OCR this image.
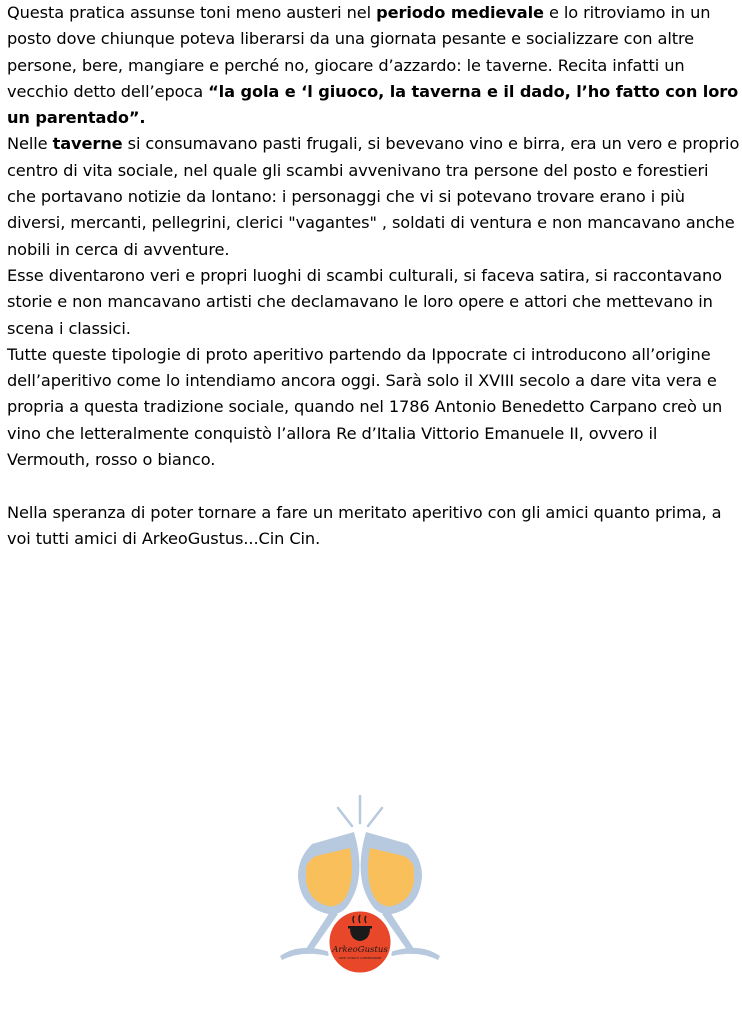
Questa pratica assunse toni meno austeri nel periodo medievale e lo ritroviamo in un posto dove chiunque poteva liberarsi da una giornata pesante e socializzare con altre persone, bere, mangiare e perché no, giocare d’azzardo: le taverne. Recita infatti un vecchio detto dell’epoca “la gola e ‘l giuoco, la taverna e il dado, l’ho fatto con loro un parentado”.

Nelle taverne si consumavano pasti frugali, si bevevano vino e birra, era un vero e proprio centro di vita sociale, nel quale gli scambi avvenivano tra persone del posto e forestieri che portavano notizie da lontano: i personaggi che vi si potevano trovare erano i più diversi, mercanti, pellegrini, clerici "vagantes" , soldati di ventura e non mancavano anche nobili in cerca di avventure.

Esse diventarono veri e propri luoghi di scambi culturali, si faceva satira, si raccontavano storie e non mancavano artisti che declamavano le loro opere e attori che mettevano in scena i classici.

Tutte queste tipologie di proto aperitivo partendo da Ippocrate ci introducono all’origine dell’aperitivo come lo intendiamo ancora oggi. Sarà solo il XVIII secolo a dare vita vera e propria a questa tradizione sociale, quando nel 1786 Antonio Benedetto Carpano creò un vino che letteralmente conquistò l’allora Re d’Italia Vittorio Emanuele II, ovvero il Vermouth, rosso o bianco.

Nella speranza di poter tornare a fare un meritato aperitivo con gli amici quanto prima, a voi tutti amici di ArkeoGustus...Cin Cin.

ArkeoGustus
ARTE, STORIA E ALIMENTAZIONE
